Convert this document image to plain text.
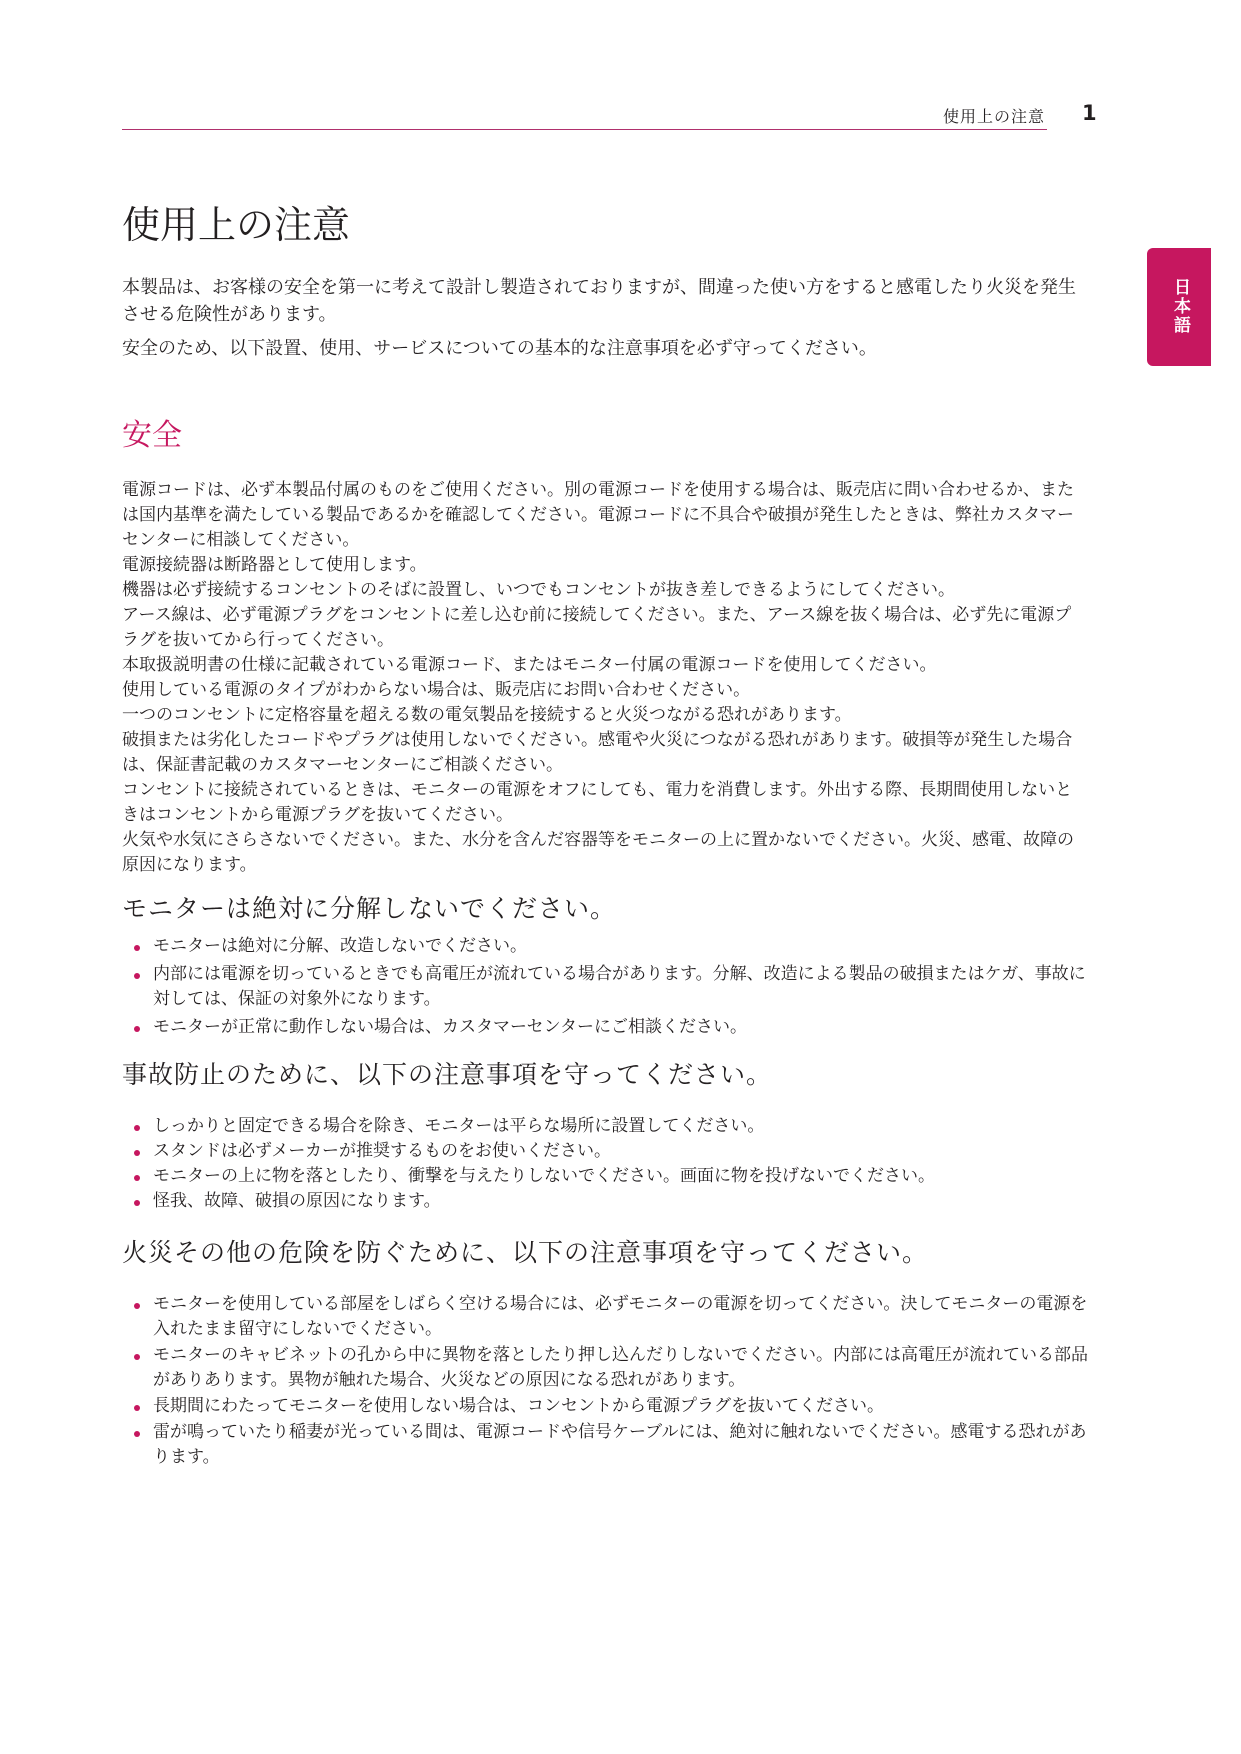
使用上の注意 1
日本語
使用上の注意

本製品は、お客様の安全を第一に考えて設計し製造されておりますが、間違った使い方をすると感電したり火災を発生させる危険性があります。

安全のため、以下設置、使用、サービスについての基本的な注意事項を必ず守ってください。

安全

電源コードは、必ず本製品付属のものをご使用ください。別の電源コードを使用する場合は、販売店に問い合わせるか、または国内基準を満たしている製品であるかを確認してください。電源コードに不具合や破損が発生したときは、弊社カスタマーセンターに相談してください。

電源接続器は断路器として使用します。

機器は必ず接続するコンセントのそばに設置し、いつでもコンセントが抜き差しできるようにしてください。

アース線は、必ず電源プラグをコンセントに差し込む前に接続してください。また、アース線を抜く場合は、必ず先に電源プラグを抜いてから行ってください。

本取扱説明書の仕様に記載されている電源コード、またはモニター付属の電源コードを使用してください。

使用している電源のタイプがわからない場合は、販売店にお問い合わせください。

一つのコンセントに定格容量を超える数の電気製品を接続すると火災つながる恐れがあります。

破損または劣化したコードやプラグは使用しないでください。感電や火災につながる恐れがあります。破損等が発生した場合は、保証書記載のカスタマーセンターにご相談ください。

コンセントに接続されているときは、モニターの電源をオフにしても、電力を消費します。外出する際、長期間使用しないときはコンセントから電源プラグを抜いてください。

火気や水気にさらさないでください。また、水分を含んだ容器等をモニターの上に置かないでください。火災、感電、故障の原因になります。

モニターは絶対に分解しないでください。
モニターは絶対に分解、改造しないでください。
内部には電源を切っているときでも高電圧が流れている場合があります。分解、改造による製品の破損またはケガ、事故に対しては、保証の対象外になります。
モニターが正常に動作しない場合は、カスタマーセンターにご相談ください。
事故防止のために、以下の注意事項を守ってください。
しっかりと固定できる場合を除き、モニターは平らな場所に設置してください。
スタンドは必ずメーカーが推奨するものをお使いください。
モニターの上に物を落としたり、衝撃を与えたりしないでください。画面に物を投げないでください。
怪我、故障、破損の原因になります。
火災その他の危険を防ぐために、以下の注意事項を守ってください。
モニターを使用している部屋をしばらく空ける場合には、必ずモニターの電源を切ってください。決してモニターの電源を入れたまま留守にしないでください。
モニターのキャビネットの孔から中に異物を落としたり押し込んだりしないでください。内部には高電圧が流れている部品がありあります。異物が触れた場合、火災などの原因になる恐れがあります。
長期間にわたってモニターを使用しない場合は、コンセントから電源プラグを抜いてください。
雷が鳴っていたり稲妻が光っている間は、電源コードや信号ケーブルには、絶対に触れないでください。感電する恐れがあります。
